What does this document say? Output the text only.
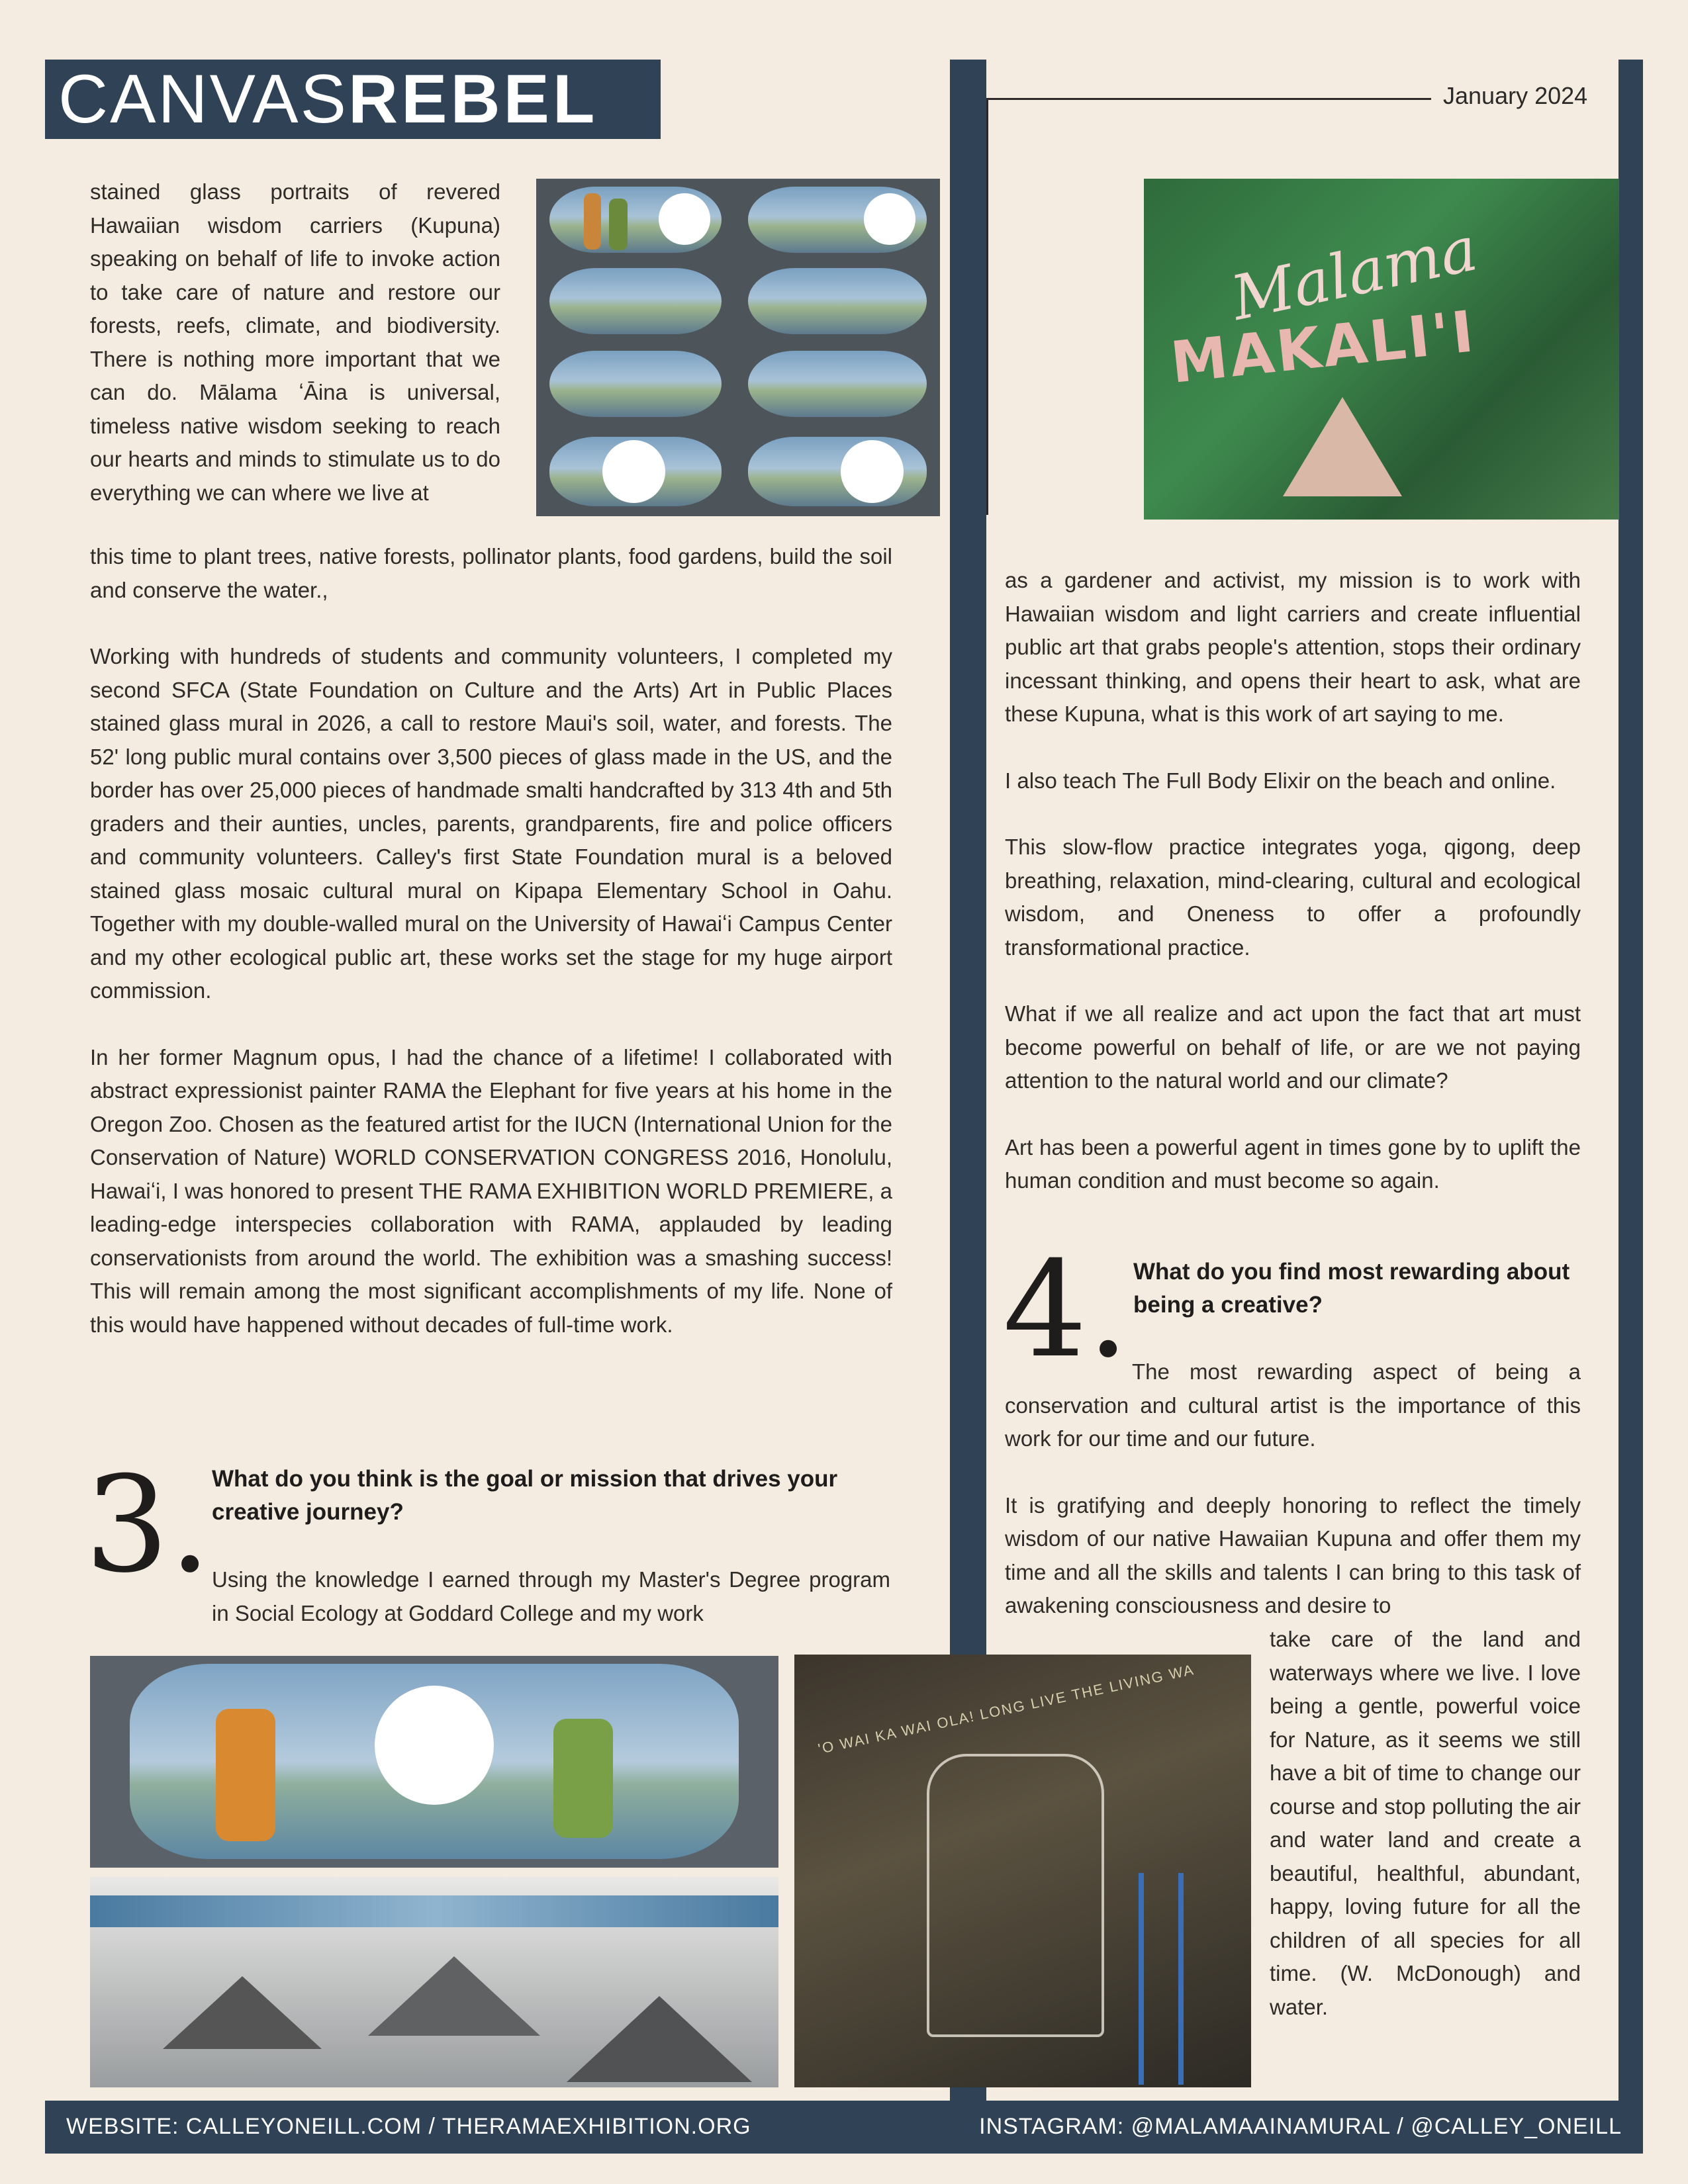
CANVASREBEL	January 2024
Malama
MAKALI'I
stained glass portraits of revered Hawaiian wisdom carriers (Kupuna) speaking on behalf of life to invoke action to take care of nature and restore our forests, reefs, climate, and biodiversity. There is nothing more important that we can do. Mālama ʻĀina is universal, timeless native wisdom seeking to reach our hearts and minds to stimulate us to do everything we can where we live at

this time to plant trees, native forests, pollinator plants, food gardens, build the soil and conserve the water.,

Working with hundreds of students and community volunteers, I completed my second SFCA (State Foundation on Culture and the Arts) Art in Public Places stained glass mural in 2026, a call to restore Maui's soil, water, and forests. The 52' long public mural contains over 3,500 pieces of glass made in the US, and the border has over 25,000 pieces of handmade smalti handcrafted by 313 4th and 5th graders and their aunties, uncles, parents, grandparents, fire and police officers and community volunteers. Calley's first State Foundation mural is a beloved stained glass mosaic cultural mural on Kipapa Elementary School in Oahu. Together with my double-walled mural on the University of Hawaiʻi Campus Center and my other ecological public art, these works set the stage for my huge airport commission.

In her former Magnum opus, I had the chance of a lifetime! I collaborated with abstract expressionist painter RAMA the Elephant for five years at his home in the Oregon Zoo. Chosen as the featured artist for the IUCN (International Union for the Conservation of Nature) WORLD CONSERVATION CONGRESS 2016, Honolulu, Hawaiʻi, I was honored to present THE RAMA EXHIBITION WORLD PREMIERE, a leading-edge interspecies collaboration with RAMA, applauded by leading conservationists from around the world. The exhibition was a smashing success! This will remain among the most significant accomplishments of my life. None of this would have happened without decades of full-time work.

3. What do you think is the goal or mission that drives your creative journey?
Using the knowledge I earned through my Master's Degree program in Social Ecology at Goddard College and my work

as a gardener and activist, my mission is to work with Hawaiian wisdom and light carriers and create influential public art that grabs people's attention, stops their ordinary incessant thinking, and opens their heart to ask, what are these Kupuna, what is this work of art saying to me.

I also teach The Full Body Elixir on the beach and online.

This slow-flow practice integrates yoga, qigong, deep breathing, relaxation, mind-clearing, cultural and ecological wisdom, and Oneness to offer a profoundly transformational practice.

What if we all realize and act upon the fact that art must become powerful on behalf of life, or are we not paying attention to the natural world and our climate?

Art has been a powerful agent in times gone by to uplift the human condition and must become so again.

4. What do you find most rewarding about being a creative?

The most rewarding aspect of being a conservation and cultural artist is the importance of this work for our time and our future.

It is gratifying and deeply honoring to reflect the timely wisdom of our native Hawaiian Kupuna and offer them my time and all the skills and talents I can bring to this task of awakening consciousness and desire to

take care of the land and waterways where we live. I love being a gentle, powerful voice for Nature, as it seems we still have a bit of time to change our course and stop polluting the air and water land and create a beautiful, healthful, abundant, happy, loving future for all the children of all species for all time. (W. McDonough) and water.
'O WAI KA WAI OLA! LONG LIVE THE LIVING WA
WEBSITE: CALLEYONEILL.COM / THERAMAEXHIBITION.ORG	INSTAGRAM: @MALAMAAINAMURAL / @CALLEY_ONEILL
